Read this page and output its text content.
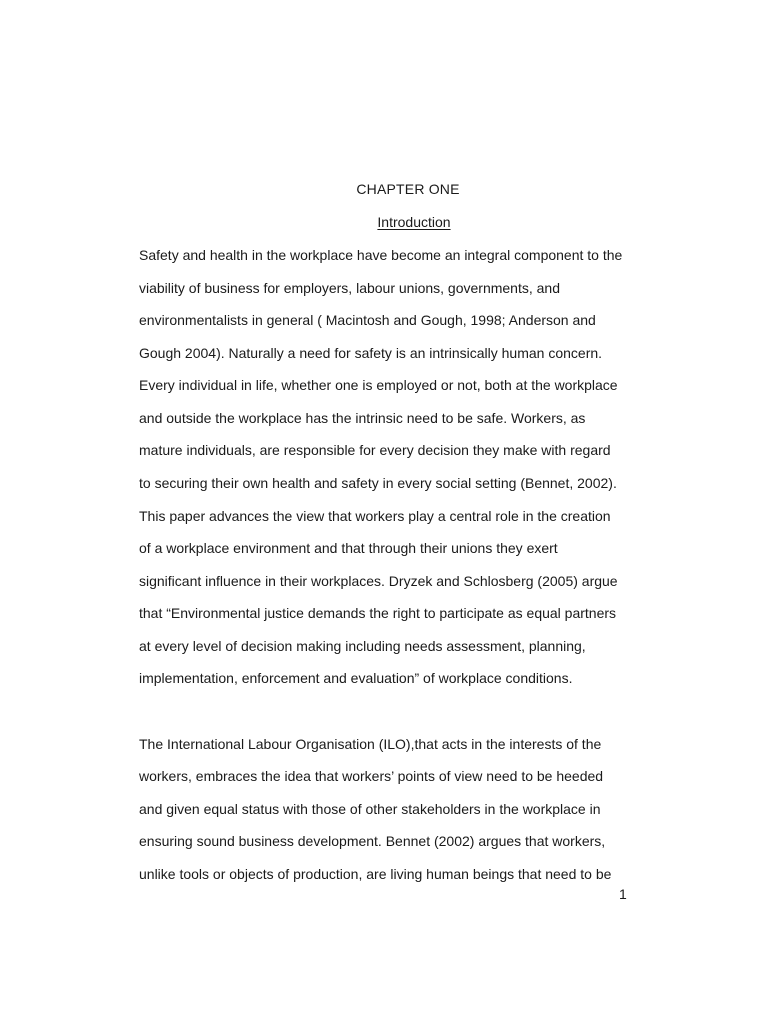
CHAPTER ONE
Introduction
Safety and health in the workplace have become an integral component to the
viability of business for employers, labour unions, governments, and
environmentalists in general ( Macintosh and Gough, 1998; Anderson and
Gough 2004). Naturally a need for safety is an intrinsically human concern.
Every individual in life, whether one is employed or not, both at the workplace
and outside the workplace has the intrinsic need to be safe. Workers, as
mature individuals, are responsible for every decision they make with regard
to securing their own health and safety in every social setting (Bennet, 2002).
This paper advances the view that workers play a central role in the creation
of a workplace environment and that through their unions they exert
significant influence in their workplaces. Dryzek and Schlosberg (2005) argue
that “Environmental justice demands the right to participate as equal partners
at every level of decision making including needs assessment, planning,
implementation, enforcement and evaluation” of workplace conditions.
The International Labour Organisation (ILO),that acts in the interests of the
workers, embraces the idea that workers’ points of view need to be heeded
and given equal status with those of other stakeholders in the workplace in
ensuring sound business development. Bennet (2002) argues that workers,
unlike tools or objects of production, are living human beings that need to be
1
